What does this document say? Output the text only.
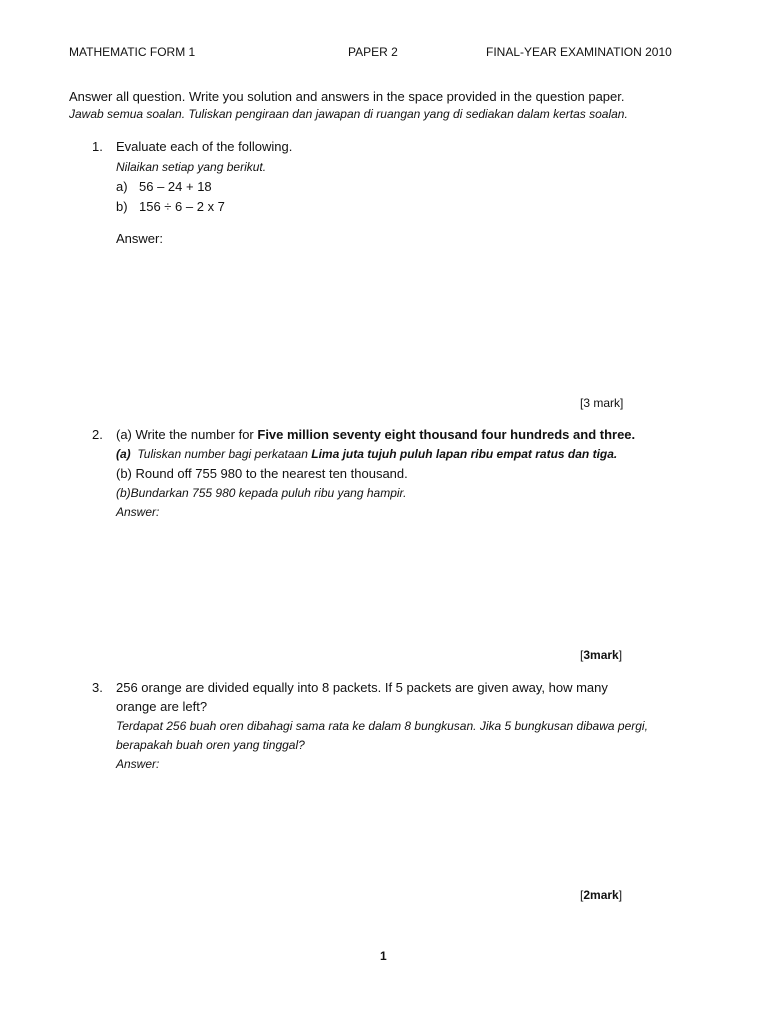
MATHEMATIC FORM 1	PAPER 2	FINAL-YEAR EXAMINATION 2010
Answer all question. Write you solution and answers in the space provided in the question paper.
Jawab semua soalan. Tuliskan pengiraan dan jawapan di ruangan yang di sediakan dalam kertas soalan.
1. Evaluate each of the following.
Nilaikan setiap yang berikut.
a) 56 – 24 + 18
b) 156 ÷ 6 – 2 x 7
Answer:
[3 mark]
2. (a) Write the number for Five million seventy eight thousand four hundreds and three.
(a) Tuliskan number bagi perkataan Lima juta tujuh puluh lapan ribu empat ratus dan tiga.
(b) Round off 755 980 to the nearest ten thousand.
(b)Bundarkan 755 980 kepada puluh ribu yang hampir.
Answer:
[3mark]
3. 256 orange are divided equally into 8 packets. If 5 packets are given away, how many
orange are left?
Terdapat 256 buah oren dibahagi sama rata ke dalam 8 bungkusan. Jika 5 bungkusan dibawa pergi,
berapakah buah oren yang tinggal?
Answer:
[2mark]
1
